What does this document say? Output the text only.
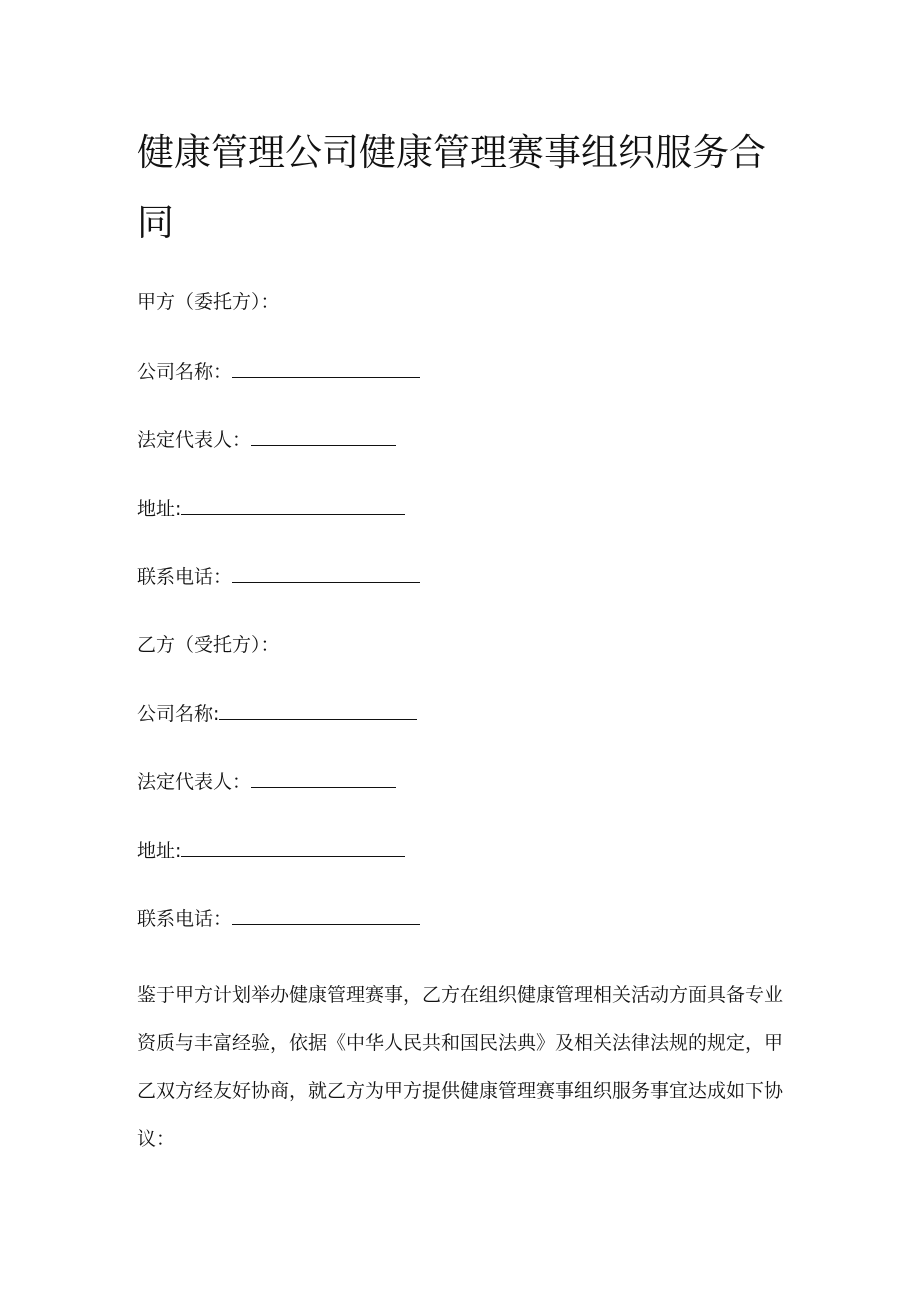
健康管理公司健康管理赛事组织服务合同
甲方（委托方）：
公司名称：
法定代表人：
地址:
联系电话：
乙方（受托方）：
公司名称:
法定代表人：
地址:
联系电话：

鉴于甲方计划举办健康管理赛事，乙方在组织健康管理相关活动方面具备专业资质与丰富经验，依据《中华人民共和国民法典》及相关法律法规的规定，甲乙双方经友好协商，就乙方为甲方提供健康管理赛事组织服务事宜达成如下协议：
